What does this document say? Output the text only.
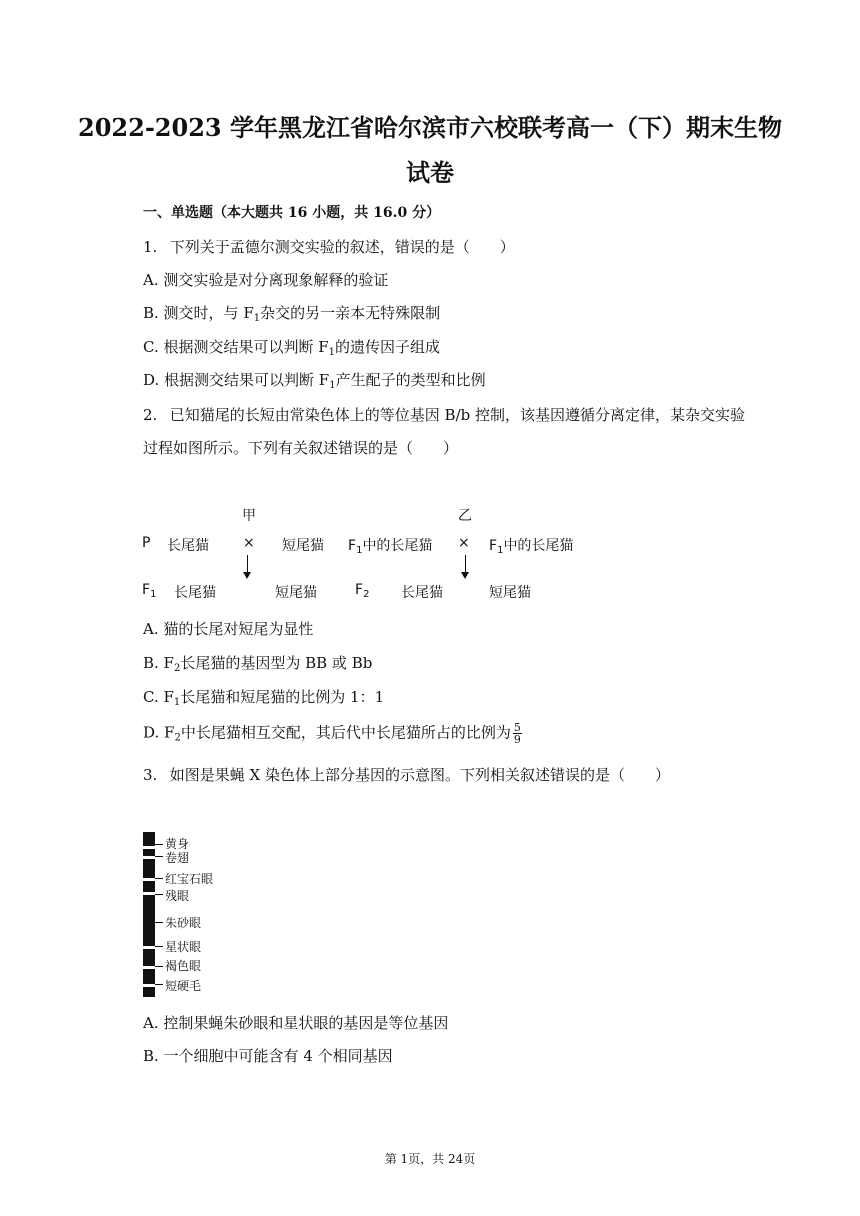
2022-2023 学年黑龙江省哈尔滨市六校联考高一（下）期末生物
试卷
一、单选题（本大题共 16 小题，共 16.0 分）
1. 下列关于孟德尔测交实验的叙述，错误的是（　　）
A. 测交实验是对分离现象解释的验证
B. 测交时，与 $F_1$杂交的另一亲本无特殊限制
C. 根据测交结果可以判断 $F_1$的遗传因子组成
D. 根据测交结果可以判断 $F_1$产生配子的类型和比例
2. 已知猫尾的长短由常染色体上的等位基因 B/b 控制，该基因遵循分离定律，某杂交实验
过程如图所示。下列有关叙述错误的是（　　）
甲	乙
P 长尾猫 × 短尾猫 $F_1$中的长尾猫 × $F_1$中的长尾猫
$F_1$ 长尾猫	短尾猫	$F_2$ 长尾猫	短尾猫
A. 猫的长尾对短尾为显性
B. $F_2$长尾猫的基因型为 BB 或 Bb
C. $F_1$长尾猫和短尾猫的比例为 1：1
D. $F_2$中长尾猫相互交配，其后代中长尾猫所占的比例为 $\frac{5}{9}$
3. 如图是果蝇 X 染色体上部分基因的示意图。下列相关叙述错误的是（　　）
黄身
卷翅
红宝石眼
残眼
朱砂眼
星状眼
褐色眼
短硬毛
A. 控制果蝇朱砂眼和星状眼的基因是等位基因
B. 一个细胞中可能含有 4 个相同基因
第 1页，共 24页
